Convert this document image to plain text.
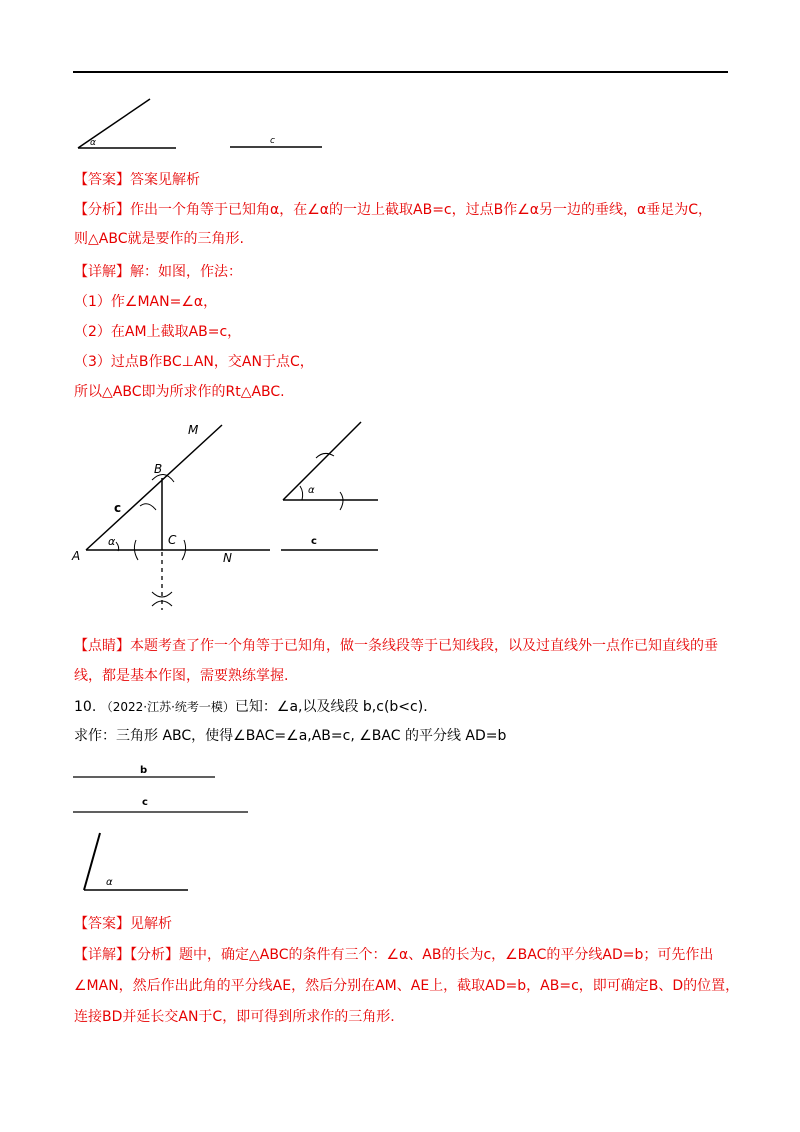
α	c
【答案】答案见解析
【分析】作出一个角等于已知角α，在∠α的一边上截取AB=c，过点B作∠α另一边的垂线，α垂足为C，
则△ABC就是要作的三角形.
【详解】解：如图，作法：
（1）作∠MAN=∠α，
（2）在AM上截取AB=c，
（3）过点B作BC⊥AN，交AN于点C，
所以△ABC即为所求作的Rt△ABC.
M
B
c
α	C
A	N
α
c
【点睛】本题考查了作一个角等于已知角，做一条线段等于已知线段，以及过直线外一点作已知直线的垂
线，都是基本作图，需要熟练掌握.
10. （2022·江苏·统考一模）已知：∠a,以及线段 b,c(b<c).
求作：三角形 ABC，使得∠BAC=∠a,AB=c, ∠BAC 的平分线 AD=b
b
c
α
【答案】见解析
【详解】【分析】题中，确定△ABC的条件有三个：∠α、AB的长为c，∠BAC的平分线AD=b；可先作出
∠MAN，然后作出此角的平分线AE，然后分别在AM、AE上，截取AD=b，AB=c，即可确定B、D的位置，
连接BD并延长交AN于C，即可得到所求作的三角形.
